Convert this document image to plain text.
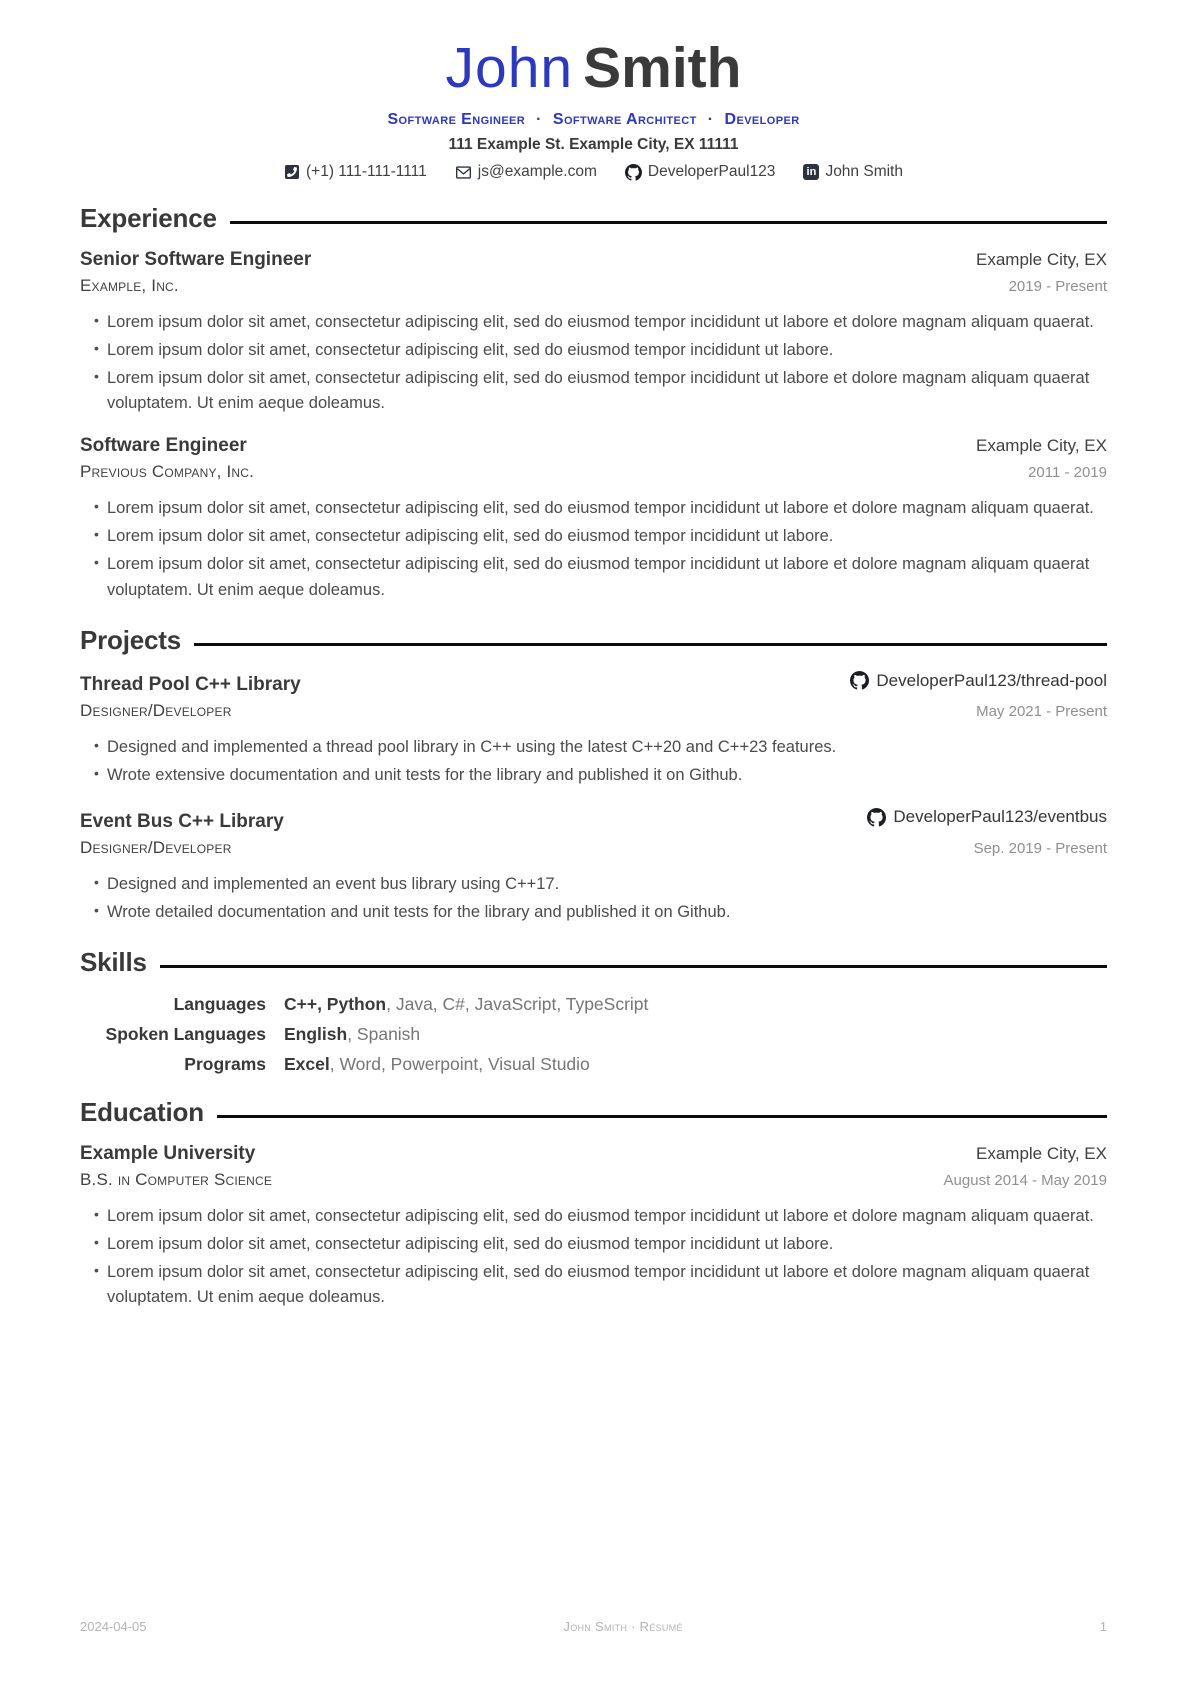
John Smith
Software Engineer · Software Architect · Developer
111 Example St. Example City, EX 11111
(+1) 111-111-1111	js@example.com	DeveloperPaul123 in	John Smith
Experience
Senior Software Engineer	Example City, EX
Example, Inc.	2019 - Present
• Lorem ipsum dolor sit amet, consectetur adipiscing elit, sed do eiusmod tempor incididunt ut labore et dolore magnam aliquam quaerat.
• Lorem ipsum dolor sit amet, consectetur adipiscing elit, sed do eiusmod tempor incididunt ut labore.
• Lorem ipsum dolor sit amet, consectetur adipiscing elit, sed do eiusmod tempor incididunt ut labore et dolore magnam aliquam quaerat voluptatem. Ut enim aeque doleamus.
Software Engineer	Example City, EX
Previous Company, Inc.	2011 - 2019
• Lorem ipsum dolor sit amet, consectetur adipiscing elit, sed do eiusmod tempor incididunt ut labore et dolore magnam aliquam quaerat.
• Lorem ipsum dolor sit amet, consectetur adipiscing elit, sed do eiusmod tempor incididunt ut labore.
• Lorem ipsum dolor sit amet, consectetur adipiscing elit, sed do eiusmod tempor incididunt ut labore et dolore magnam aliquam quaerat voluptatem. Ut enim aeque doleamus.
Projects
Thread Pool C++ Library	DeveloperPaul123/thread-pool
Designer/Developer	May 2021 - Present
• Designed and implemented a thread pool library in C++ using the latest C++20 and C++23 features.
• Wrote extensive documentation and unit tests for the library and published it on Github.
Event Bus C++ Library	DeveloperPaul123/eventbus
Designer/Developer	Sep. 2019 - Present
• Designed and implemented an event bus library using C++17.
• Wrote detailed documentation and unit tests for the library and published it on Github.
Skills
Languages C++, Python, Java, C#, JavaScript, TypeScript
Spoken Languages English, Spanish
Programs Excel, Word, Powerpoint, Visual Studio
Education
Example University	Example City, EX
B.S. in Computer Science	August 2014 - May 2019
• Lorem ipsum dolor sit amet, consectetur adipiscing elit, sed do eiusmod tempor incididunt ut labore et dolore magnam aliquam quaerat.
• Lorem ipsum dolor sit amet, consectetur adipiscing elit, sed do eiusmod tempor incididunt ut labore.
• Lorem ipsum dolor sit amet, consectetur adipiscing elit, sed do eiusmod tempor incididunt ut labore et dolore magnam aliquam quaerat voluptatem. Ut enim aeque doleamus.
2024-04-05	John Smith · Résumé	1
